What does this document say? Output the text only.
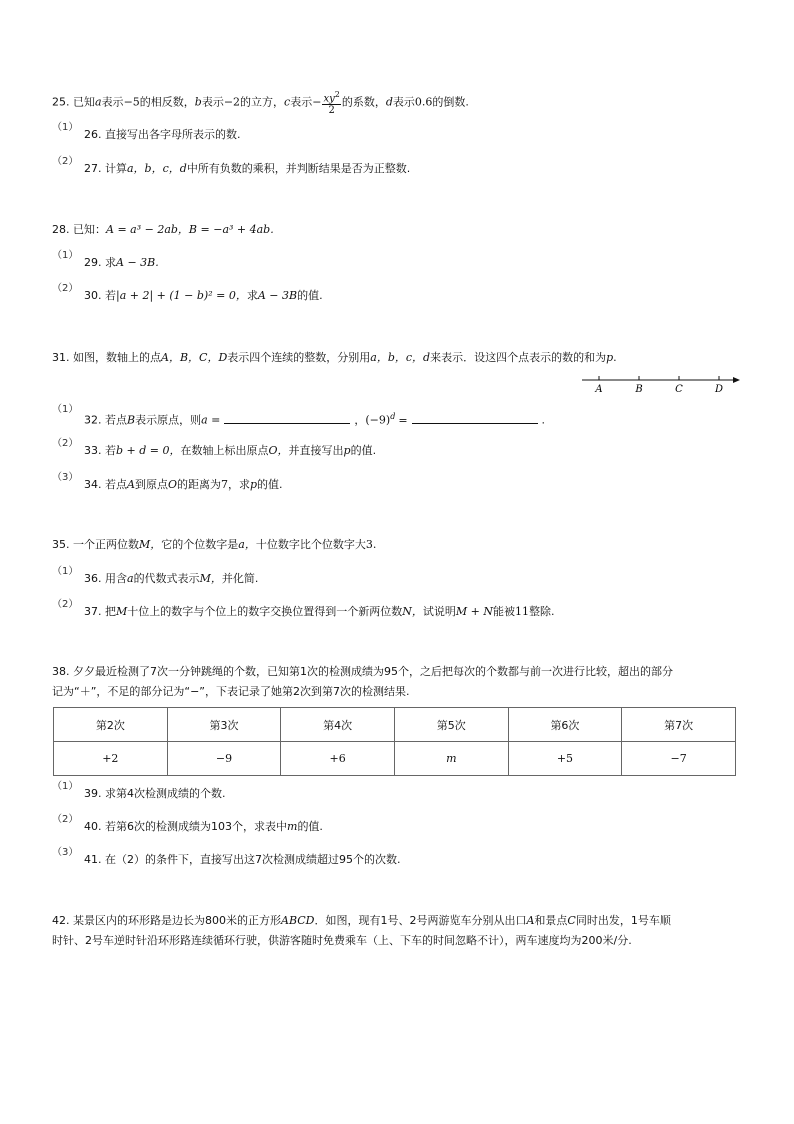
25. 已知a表示−5的相反数，b表示−2的立方，c表示− $\frac{xy^2}{2}$ 的系数，d表示0.6的倒数.
（1）
26. 直接写出各字母所表示的数.
（2）
27. 计算a，b，c，d中所有负数的乘积，并判断结果是否为正整数.
28. 已知：A = a³ − 2ab，B = −a³ + 4ab.
（1）
29. 求A − 3B.
（2）
30. 若|a + 2| + (1 − b)² = 0，求A − 3B的值.
31. 如图，数轴上的点A，B，C，D表示四个连续的整数，分别用a，b，c，d来表示．设这四个点表示的数的和为p.
A	B	C	D
（1）
32. 若点B表示原点，则a =	，$(-9)^d$ =	.
（2）
33. 若b + d = 0，在数轴上标出原点O，并直接写出p的值.
（3）
34. 若点A到原点O的距离为7，求p的值.
35. 一个正两位数M，它的个位数字是a，十位数字比个位数字大3.
（1）
36. 用含a的代数式表示M，并化简.
（2）
37. 把M十位上的数字与个位上的数字交换位置得到一个新两位数N，试说明M + N能被11整除.
38. 夕夕最近检测了7次一分钟跳绳的个数，已知第1次的检测成绩为95个，之后把每次的个数都与前一次进行比较，超出的部分
记为“＋”，不足的部分记为“−”，下表记录了她第2次到第7次的检测结果.
第2次	第3次	第4次	第5次	第6次	第7次
+2	−9	+6	m	+5	−7
（1）
39. 求第4次检测成绩的个数.
（2）
40. 若第6次的检测成绩为103个，求表中m的值.
（3）
41. 在（2）的条件下，直接写出这7次检测成绩超过95个的次数.
42. 某景区内的环形路是边长为800米的正方形ABCD．如图，现有1号、2号两游览车分别从出口A和景点C同时出发，1号车顺
时针、2号车逆时针沿环形路连续循环行驶，供游客随时免费乘车（上、下车的时间忽略不计），两车速度均为200米/分.
